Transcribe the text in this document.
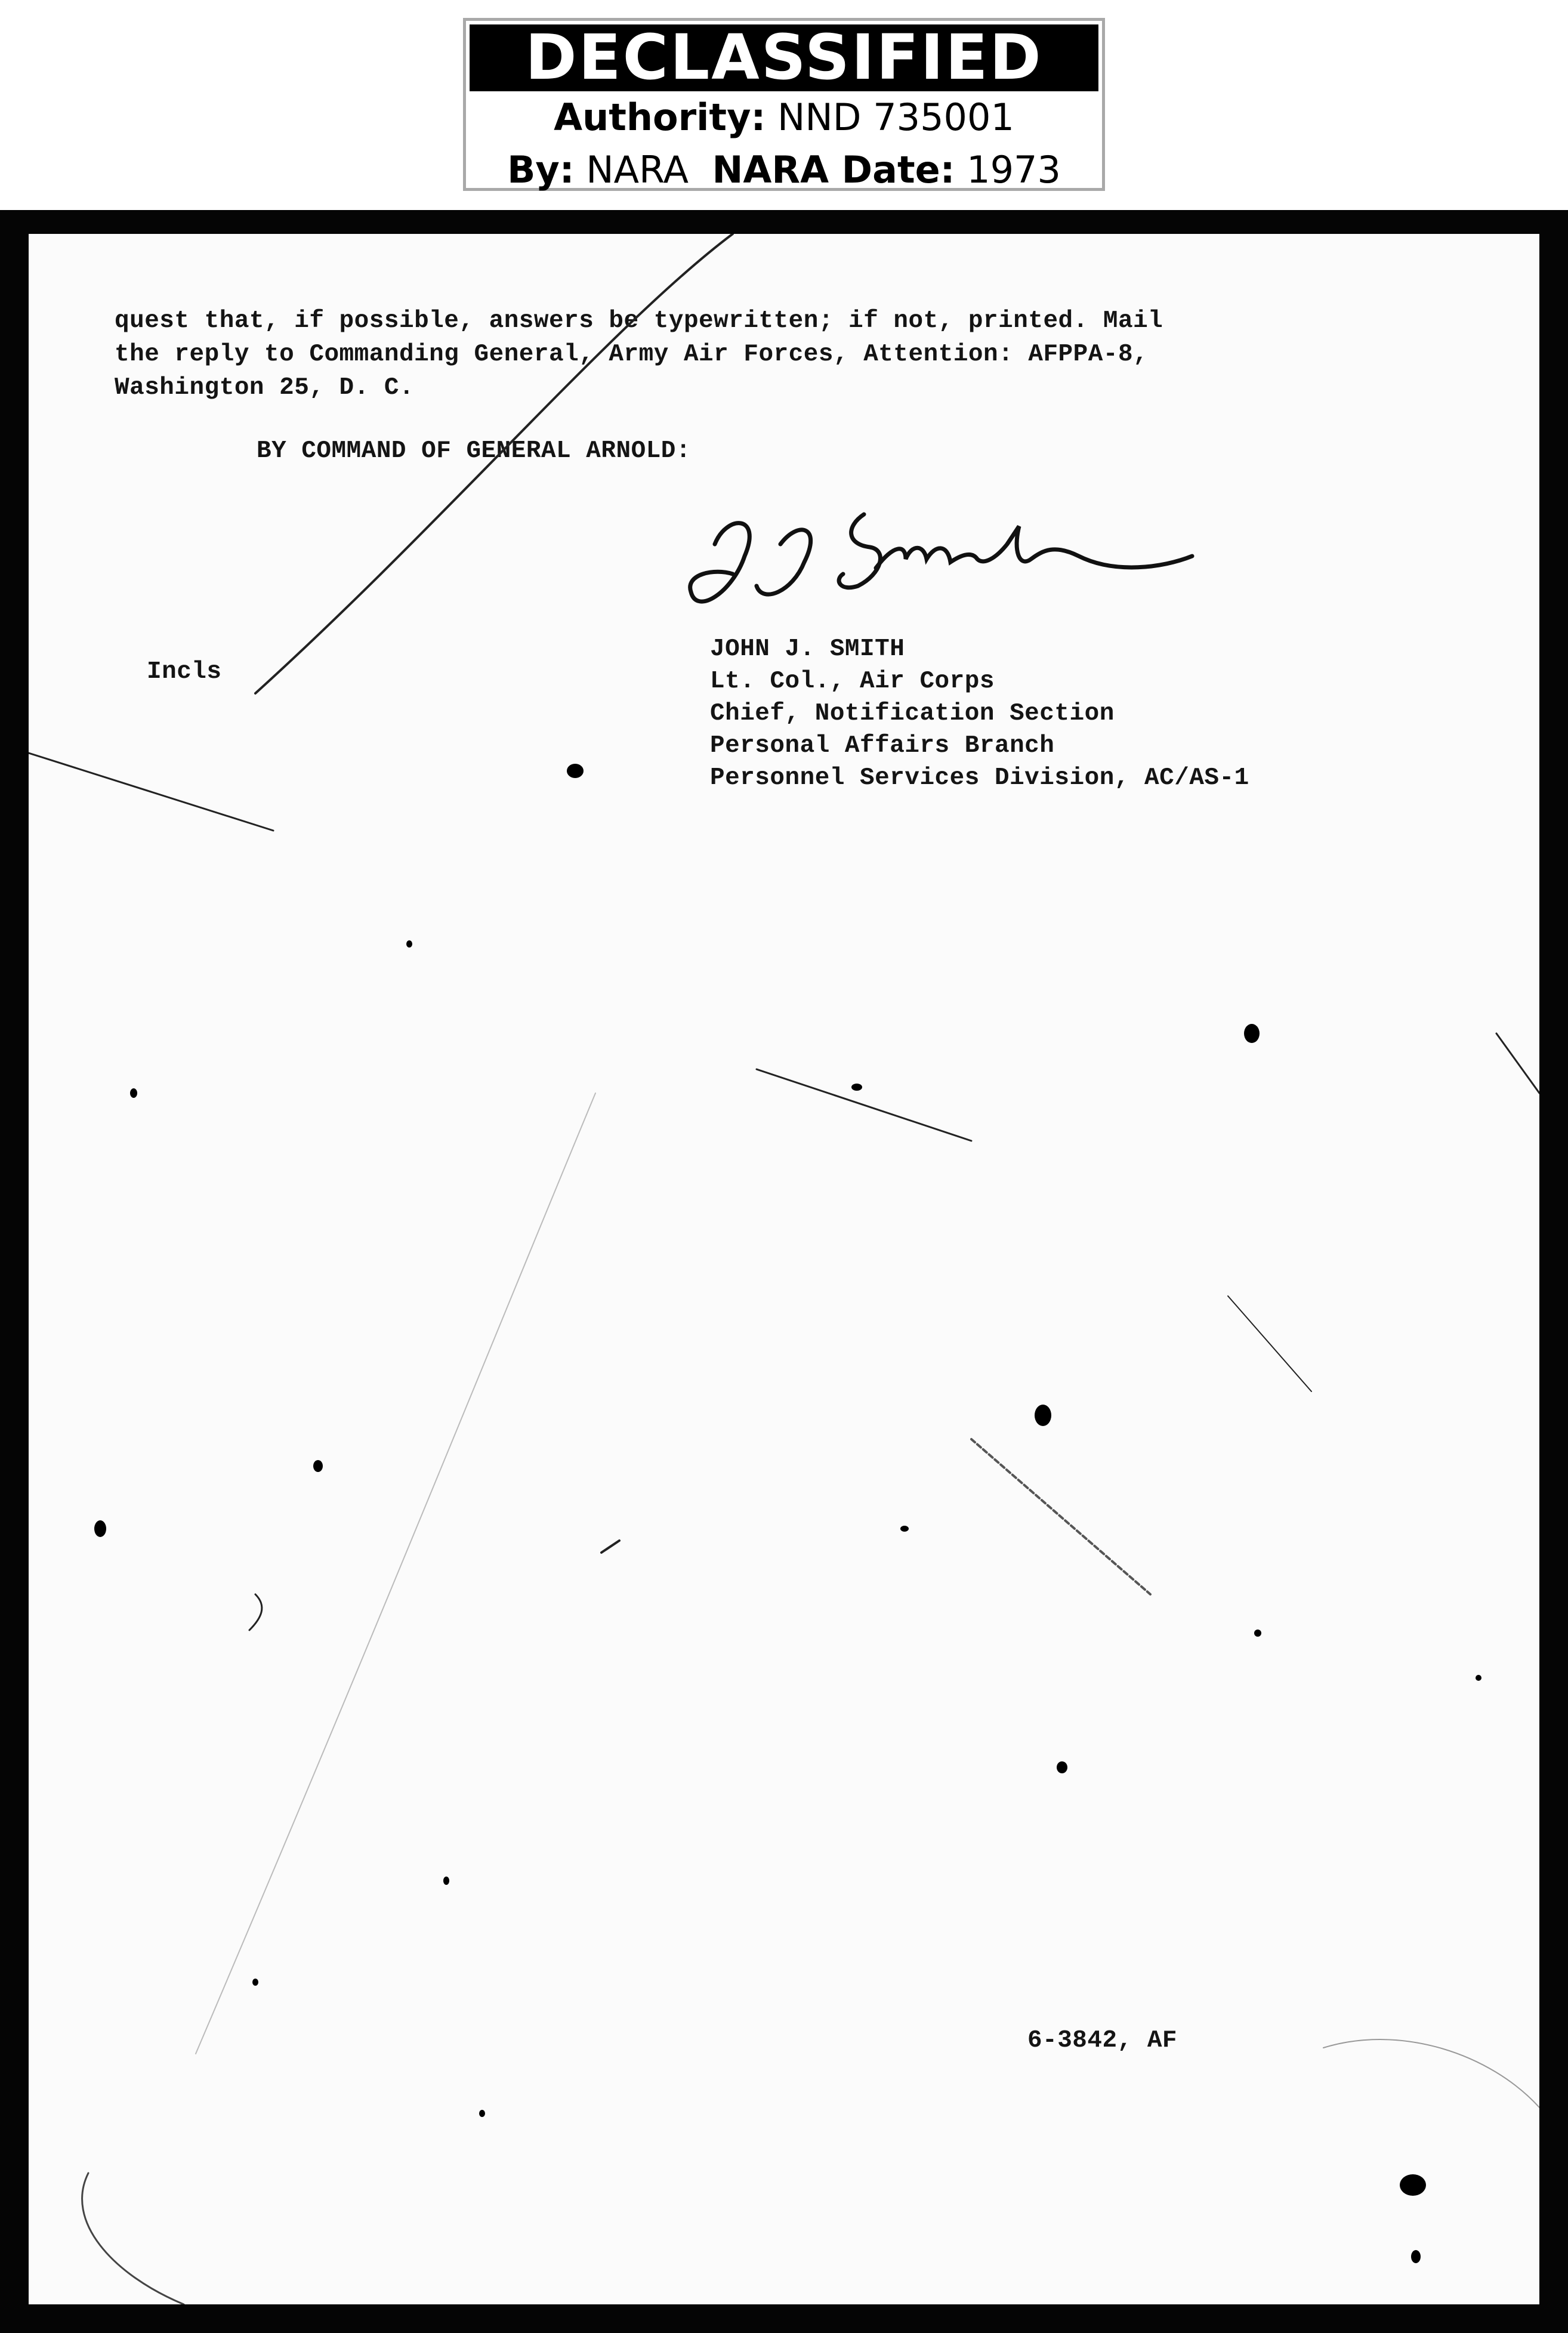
DECLASSIFIED
Authority: NND 735001
By: NARA NARA Date: 1973
quest that, if possible, answers be typewritten; if not, printed. Mail
the reply to Commanding General, Army Air Forces, Attention: AFPPA-8,
Washington 25, D. C.
BY COMMAND OF GENERAL ARNOLD:
Incls
JOHN J. SMITH
Lt. Col., Air Corps
Chief, Notification Section
Personal Affairs Branch
Personnel Services Division, AC/AS-1
6-3842, AF
